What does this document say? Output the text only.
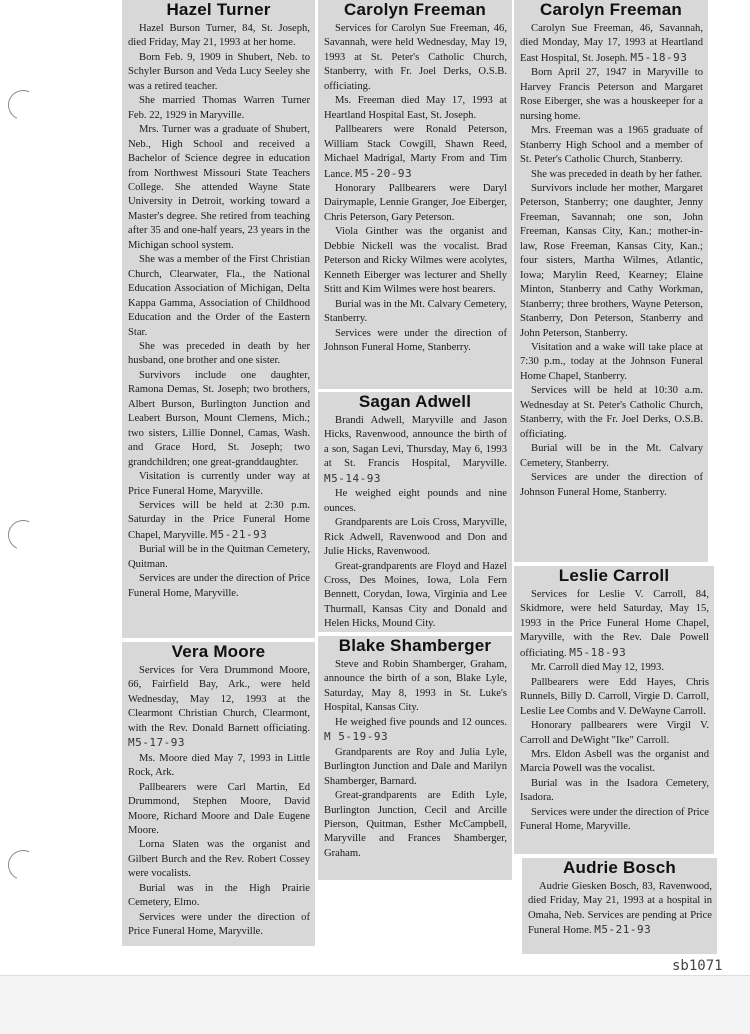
Hazel Turner

Hazel Burson Turner, 84, St. Joseph, died Friday, May 21, 1993 at her home.

Born Feb. 9, 1909 in Shubert, Neb. to Schyler Burson and Veda Lucy Seeley she was a retired teacher.

She married Thomas Warren Turner Feb. 22, 1929 in Maryville.

Mrs. Turner was a graduate of Shubert, Neb., High School and received a Bachelor of Science degree in education from Northwest Missouri State Teachers College. She attended Wayne State University in Detroit, working toward a Master's degree. She retired from teaching after 35 and one-half years, 23 years in the Michigan school system.

She was a member of the First Christian Church, Clearwater, Fla., the National Education Association of Michigan, Delta Kappa Gamma, Association of Childhood Education and the Order of the Eastern Star.

She was preceded in death by her husband, one brother and one sister.

Survivors include one daughter, Ramona Demas, St. Joseph; two brothers, Albert Burson, Burlington Junction and Leabert Burson, Mount Clemens, Mich.; two sisters, Lillie Donnel, Camas, Wash. and Grace Hord, St. Joseph; two grandchildren; one great-granddaughter.

Visitation is currently under way at Price Funeral Home, Maryville.

Services will be held at 2:30 p.m. Saturday in the Price Funeral Home Chapel, Maryville. M5-21-93

Burial will be in the Quitman Cemetery, Quitman.

Services are under the direction of Price Funeral Home, Maryville.

Vera Moore

Services for Vera Drummond Moore, 66, Fairfield Bay, Ark., were held Wednesday, May 12, 1993 at the Clearmont Christian Church, Clearmont, with the Rev. Donald Barnett officiating. M5-17-93

Ms. Moore died May 7, 1993 in Little Rock, Ark.

Pallbearers were Carl Martin, Ed Drummond, Stephen Moore, David Moore, Richard Moore and Dale Eugene Moore.

Lorna Slaten was the organist and Gilbert Burch and the Rev. Robert Cossey were vocalists.

Burial was in the High Prairie Cemetery, Elmo.

Services were under the direction of Price Funeral Home, Maryville.

Carolyn Freeman

Services for Carolyn Sue Freeman, 46, Savannah, were held Wednesday, May 19, 1993 at St. Peter's Catholic Church, Stanberry, with Fr. Joel Derks, O.S.B. officiating.

Ms. Freeman died May 17, 1993 at Heartland Hospital East, St. Joseph.

Pallbearers were Ronald Peterson, William Stack Cowgill, Shawn Reed, Michael Madrigal, Marty From and Tim Lance. M5-20-93

Honorary Pallbearers were Daryl Dairymaple, Lennie Granger, Joe Eiberger, Chris Peterson, Gary Peterson.

Viola Ginther was the organist and Debbie Nickell was the vocalist. Brad Peterson and Ricky Wilmes were acolytes, Kenneth Eiberger was lecturer and Shelly Stitt and Kim Wilmes were host bearers.

Burial was in the Mt. Calvary Cemetery, Stanberry.

Services were under the direction of Johnson Funeral Home, Stanberry.

Sagan Adwell

Brandi Adwell, Maryville and Jason Hicks, Ravenwood, announce the birth of a son, Sagan Levi, Thursday, May 6, 1993 at St. Francis Hospital, Maryville. M5-14-93

He weighed eight pounds and nine ounces.

Grandparents are Lois Cross, Maryville, Rick Adwell, Ravenwood and Don and Julie Hicks, Ravenwood.

Great-grandparents are Floyd and Hazel Cross, Des Moines, Iowa, Lola Fern Bennett, Corydan, Iowa, Virginia and Lee Thurmall, Kansas City and Donald and Helen Hicks, Mound City.

Blake Shamberger

Steve and Robin Shamberger, Graham, announce the birth of a son, Blake Lyle, Saturday, May 8, 1993 in St. Luke's Hospital, Kansas City.

He weighed five pounds and 12 ounces. M 5-19-93

Grandparents are Roy and Julia Lyle, Burlington Junction and Dale and Marilyn Shamberger, Barnard.

Great-grandparents are Edith Lyle, Burlington Junction, Cecil and Arcille Pierson, Quitman, Esther McCampbell, Maryville and Frances Shamberger, Graham.

Carolyn Freeman

Carolyn Sue Freeman, 46, Savannah, died Monday, May 17, 1993 at Heartland East Hospital, St. Joseph. M5-18-93

Born April 27, 1947 in Maryville to Harvey Francis Peterson and Margaret Rose Eiberger, she was a houskeeper for a nursing home.

Mrs. Freeman was a 1965 graduate of Stanberry High School and a member of St. Peter's Catholic Church, Stanberry.

She was preceded in death by her father.

Survivors include her mother, Margaret Peterson, Stanberry; one daughter, Jenny Freeman, Savannah; one son, John Freeman, Kansas City, Kan.; mother-in-law, Rose Freeman, Kansas City, Kan.; four sisters, Martha Wilmes, Atlantic, Iowa; Marylin Reed, Kearney; Elaine Minton, Stanberry and Cathy Workman, Stanberry; three brothers, Wayne Peterson, Stanberry, Don Peterson, Stanberry and John Peterson, Stanberry.

Visitation and a wake will take place at 7:30 p.m., today at the Johnson Funeral Home Chapel, Stanberry.

Services will be held at 10:30 a.m. Wednesday at St. Peter's Catholic Church, Stanberry, with the Fr. Joel Derks, O.S.B. officiating.

Burial will be in the Mt. Calvary Cemetery, Stanberry.

Services are under the direction of Johnson Funeral Home, Stanberry.

Leslie Carroll

Services for Leslie V. Carroll, 84, Skidmore, were held Saturday, May 15, 1993 in the Price Funeral Home Chapel, Maryville, with the Rev. Dale Powell officiating. M5-18-93

Mr. Carroll died May 12, 1993.

Pallbearers were Edd Hayes, Chris Runnels, Billy D. Carroll, Virgie D. Carroll, Leslie Lee Combs and V. DeWayne Carroll.

Honorary pallbearers were Virgil V. Carroll and DeWight "Ike" Carroll.

Mrs. Eldon Asbell was the organist and Marcia Powell was the vocalist.

Burial was in the Isadora Cemetery, Isadora.

Services were under the direction of Price Funeral Home, Maryville.

Audrie Bosch

Audrie Giesken Bosch, 83, Ravenwood, died Friday, May 21, 1993 at a hospital in Omaha, Neb. Services are pending at Price Funeral Home. M5-21-93

sb1071
